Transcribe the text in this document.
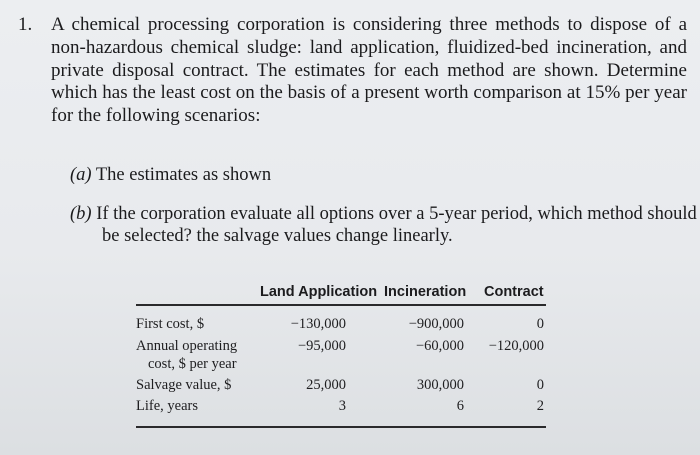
1. A chemical processing corporation is considering three methods to dispose of a non-hazardous chemical sludge: land application, fluidized-bed incineration, and private disposal contract. The estimates for each method are shown. Determine which has the least cost on the basis of a present worth comparison at 15% per year for the following scenarios:
(a) The estimates as shown
(b) If the corporation evaluate all options over a 5-year period, which method should
be selected? the salvage values change linearly.
Land Application Incineration Contract
First cost, $	−130,000	−900,000	0
Annual operating
cost, $ per year
−95,000	−60,000	−120,000
Salvage value, $	25,000	300,000	0
Life, years	3	6	2
